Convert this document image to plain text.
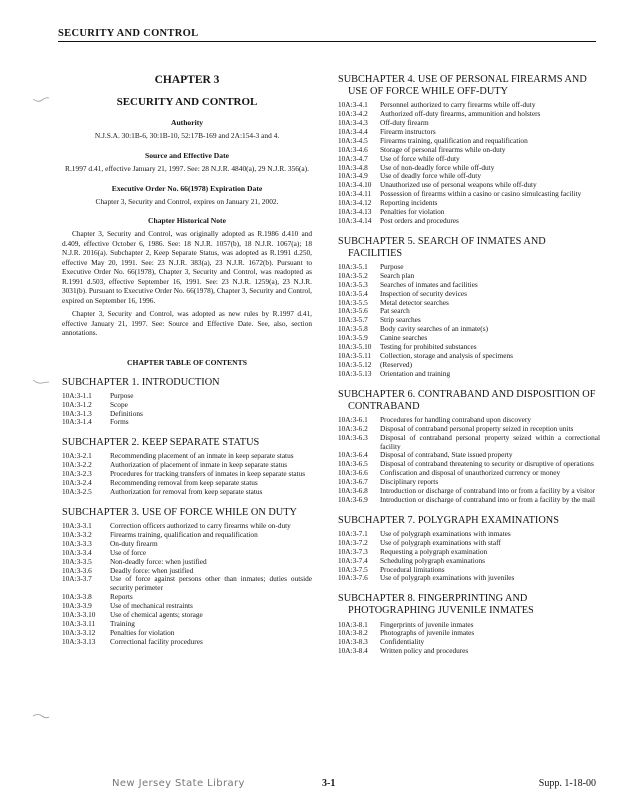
SECURITY AND CONTROL
CHAPTER 3
SECURITY AND CONTROL
Authority
N.J.S.A. 30:1B-6, 30:1B-10, 52:17B-169 and 2A:154-3 and 4.
Source and Effective Date
R.1997 d.41, effective January 21, 1997. See: 28 N.J.R. 4840(a), 29 N.J.R. 356(a).
Executive Order No. 66(1978) Expiration Date
Chapter 3, Security and Control, expires on January 21, 2002.
Chapter Historical Note

Chapter 3, Security and Control, was originally adopted as R.1986 d.410 and d.409, effective October 6, 1986. See: 18 N.J.R. 1057(b), 18 N.J.R. 1067(a); 18 N.J.R. 2016(a). Subchapter 2, Keep Separate Status, was adopted as R.1991 d.250, effective May 20, 1991. See: 23 N.J.R. 383(a), 23 N.J.R. 1672(b). Pursuant to Executive Order No. 66(1978), Chapter 3, Security and Control, was readopted as R.1991 d.503, effective September 16, 1991. See: 23 N.J.R. 1259(a), 23 N.J.R. 3031(b). Pursuant to Executive Order No. 66(1978), Chapter 3, Security and Control, expired on September 16, 1996.

Chapter 3, Security and Control, was adopted as new rules by R.1997 d.41, effective January 21, 1997. See: Source and Effective Date. See, also, section annotations.

CHAPTER TABLE OF CONTENTS
SUBCHAPTER 1. INTRODUCTION
10A:3-1.1	Purpose
10A:3-1.2	Scope
10A:3-1.3	Definitions
10A:3-1.4	Forms
SUBCHAPTER 2. KEEP SEPARATE STATUS
10A:3-2.1	Recommending placement of an inmate in keep separate status
10A:3-2.2	Authorization of placement of inmate in keep separate status
10A:3-2.3	Procedures for tracking transfers of inmates in keep separate status
10A:3-2.4	Recommending removal from keep separate status
10A:3-2.5	Authorization for removal from keep separate status
SUBCHAPTER 3. USE OF FORCE WHILE ON DUTY
10A:3-3.1	Correction officers authorized to carry firearms while on-duty
10A:3-3.2	Firearms training, qualification and requalification
10A:3-3.3	On-duty firearm
10A:3-3.4	Use of force
10A:3-3.5	Non-deadly force: when justified
10A:3-3.6	Deadly force: when justified
10A:3-3.7	Use of force against persons other than inmates; duties outside security perimeter
10A:3-3.8	Reports
10A:3-3.9	Use of mechanical restraints
10A:3-3.10	Use of chemical agents; storage
10A:3-3.11	Training
10A:3-3.12	Penalties for violation
10A:3-3.13	Correctional facility procedures
SUBCHAPTER 4. USE OF PERSONAL FIREARMS AND USE OF FORCE WHILE OFF-DUTY
10A:3-4.1	Personnel authorized to carry firearms while off-duty
10A:3-4.2	Authorized off-duty firearms, ammunition and holsters
10A:3-4.3	Off-duty firearm
10A:3-4.4	Firearm instructors
10A:3-4.5	Firearms training, qualification and requalification
10A:3-4.6	Storage of personal firearms while on-duty
10A:3-4.7	Use of force while off-duty
10A:3-4.8	Use of non-deadly force while off-duty
10A:3-4.9	Use of deadly force while off-duty
10A:3-4.10	Unauthorized use of personal weapons while off-duty
10A:3-4.11	Possession of firearms within a casino or casino simulcasting facility
10A:3-4.12	Reporting incidents
10A:3-4.13	Penalties for violation
10A:3-4.14	Post orders and procedures
SUBCHAPTER 5. SEARCH OF INMATES AND FACILITIES
10A:3-5.1	Purpose
10A:3-5.2	Search plan
10A:3-5.3	Searches of inmates and facilities
10A:3-5.4	Inspection of security devices
10A:3-5.5	Metal detector searches
10A:3-5.6	Pat search
10A:3-5.7	Strip searches
10A:3-5.8	Body cavity searches of an inmate(s)
10A:3-5.9	Canine searches
10A:3-5.10	Testing for prohibited substances
10A:3-5.11	Collection, storage and analysis of specimens
10A:3-5.12	(Reserved)
10A:3-5.13	Orientation and training
SUBCHAPTER 6. CONTRABAND AND DISPOSITION OF CONTRABAND
10A:3-6.1	Procedures for handling contraband upon discovery
10A:3-6.2	Disposal of contraband personal property seized in reception units
10A:3-6.3	Disposal of contraband personal property seized within a correctional facility
10A:3-6.4	Disposal of contraband, State issued property
10A:3-6.5	Disposal of contraband threatening to security or disruptive of operations
10A:3-6.6	Confiscation and disposal of unauthorized currency or money
10A:3-6.7	Disciplinary reports
10A:3-6.8	Introduction or discharge of contraband into or from a facility by a visitor
10A:3-6.9	Introduction or discharge of contraband into or from a facility by the mail
SUBCHAPTER 7. POLYGRAPH EXAMINATIONS
10A:3-7.1	Use of polygraph examinations with inmates
10A:3-7.2	Use of polygraph examinations with staff
10A:3-7.3	Requesting a polygraph examination
10A:3-7.4	Scheduling polygraph examinations
10A:3-7.5	Procedural limitations
10A:3-7.6	Use of polygraph examinations with juveniles
SUBCHAPTER 8. FINGERPRINTING AND PHOTOGRAPHING JUVENILE INMATES
10A:3-8.1	Fingerprints of juvenile inmates
10A:3-8.2	Photographs of juvenile inmates
10A:3-8.3	Confidentiality
10A:3-8.4	Written policy and procedures
New Jersey State Library	3-1	Supp. 1-18-00
